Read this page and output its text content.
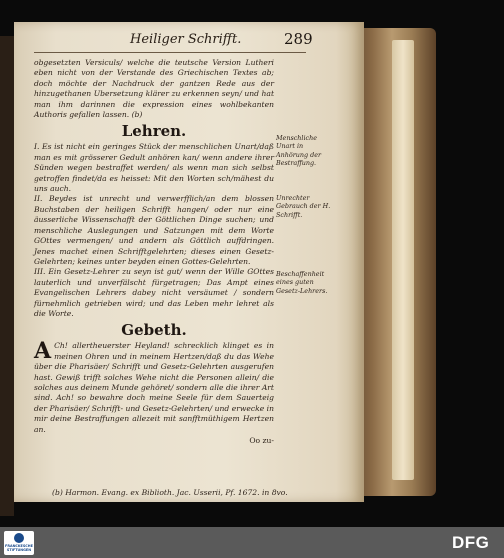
Heiliger Schrifft.	289

obgesetzten Versiculs/ welche die teutsche Version Lutheri eben nicht von der Verstande des Griechischen Textes ab; doch möchte der Nachdruck der gantzen Rede aus der hinzugethanen Ubersetzung klärer zu erkennen seyn/ und hat man ihm darinnen die expression eines wohlbekanten Authoris gefallen lassen. (b)

Lehren.

I. Es ist nicht ein geringes Stück der menschlichen Unart/daß man es mit grösserer Gedult anhören kan/ wenn andere ihrer Sünden wegen bestraffet werden/ als wenn man sich selbst getroffen findet/da es heisset: Mit den Worten sch/mähest du uns auch.

II. Beydes ist unrecht und verwerfflich/an dem blossen Buchstaben der heiligen Schrifft hangen/ oder nur eine äusserliche Wissenschafft der Göttlichen Dinge suchen; und menschliche Auslegungen und Satzungen mit dem Worte GOttes vermengen/ und andern als Göttlich auffdringen. Jenes machet einen Schrifftgelehrten; dieses einen Gesetz-Gelehrten; keines unter beyden einen Gottes-Gelehrten.

III. Ein Gesetz-Lehrer zu seyn ist gut/ wenn der Wille GOttes lauterlich und unverfälscht fürgetragen; Das Ampt eines Evangelischen Lehrers dabey nicht versäumet / sondern fürnehmlich getrieben wird; und das Leben mehr lehret als die Worte.

Gebeth.

A Ch! allertheuerster Heyland! schrecklich klinget es in meinen Ohren und in meinem Hertzen/daß du das Wehe über die Pharisäer/ Schrifft und Gesetz-Gelehrten ausgerufen hast. Gewiß trifft solches Wehe nicht die Personen allein/ die solches aus deinem Munde gehöret/ sondern alle die ihrer Art sind. Ach! so bewahre doch meine Seele für dem Sauerteig der Pharisäer/ Schrifft- und Gesetz-Gelehrten/ und erwecke in mir deine Bestraffungen allezeit mit sanfftmüthigem Hertzen an.

Oo zu-
Menschliche Unart in Anhörung der Bestraffung.
Unrechter Gebrauch der H. Schrifft.
Beschaffenheit eines guten Gesetz-Lehrers.
(b) Harmon. Evang. ex Biblioth. Jac. Usserii, Pf. 1672. in 8vo.
FRANCKESCHE STIFTUNGEN	DFG
